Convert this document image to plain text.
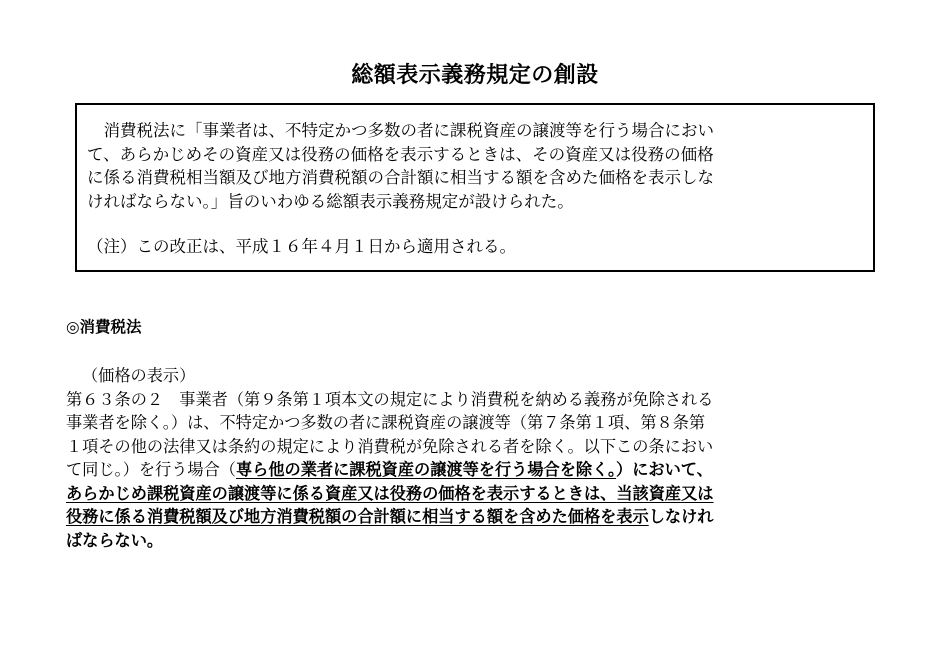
総額表示義務規定の創設

　消費税法に「事業者は、不特定かつ多数の者に課税資産の譲渡等を行う場合におい
て、あらかじめその資産又は役務の価格を表示するときは、その資産又は役務の価格
に係る消費税相当額及び地方消費税額の合計額に相当する額を含めた価格を表示しな
ければならない。」旨のいわゆる総額表示義務規定が設けられた。

（注）この改正は、平成１６年４月１日から適用される。

◎消費税法
（価格の表示）
第６３条の２　事業者（第９条第１項本文の規定により消費税を納める義務が免除される
事業者を除く。）は、不特定かつ多数の者に課税資産の譲渡等（第７条第１項、第８条第
１項その他の法律又は条約の規定により消費税が免除される者を除く。以下この条におい
て同じ。）を行う場合（専ら他の業者に課税資産の譲渡等を行う場合を除く。）において、
あらかじめ課税資産の譲渡等に係る資産又は役務の価格を表示するときは、当該資産又は
役務に係る消費税額及び地方消費税額の合計額に相当する額を含めた価格を表示しなけれ
ばならない。
